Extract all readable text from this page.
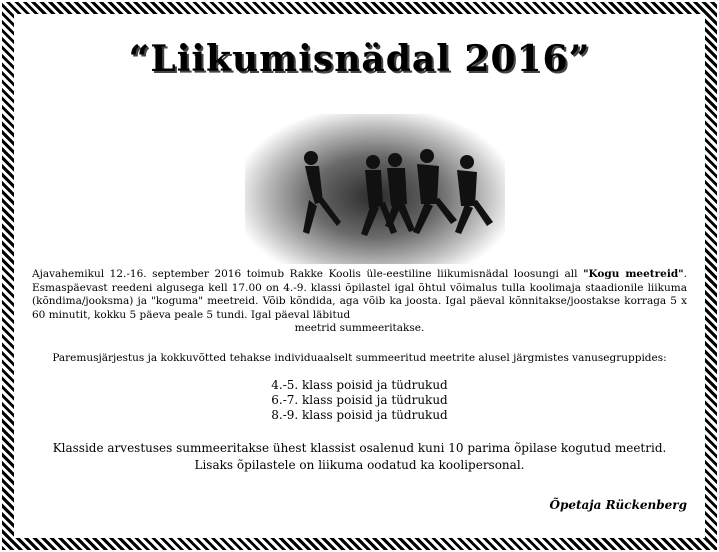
“Liikumisnädal 2016”
Ajavahemikul 12.-16. september 2016 toimub Rakke Koolis üle-eestiline liikumisnädal loosungi all "Kogu meetreid". Esmaspäevast reedeni algusega kell 17.00 on 4.-9. klassi õpilastel igal õhtul võimalus tulla koolimaja staadionile liikuma (kõndima/jooksma) ja "koguma" meetreid. Võib kõndida, aga võib ka joosta. Igal päeval kõnnitakse/joostakse korraga 5 x 60 minutit, kokku 5 päeva peale 5 tundi. Igal päeval läbitud
meetrid summeeritakse.
Paremusjärjestus ja kokkuvõtted tehakse individuaalselt summeeritud meetrite alusel järgmistes vanusegruppides:
4.-5. klass poisid ja tüdrukud
6.-7. klass poisid ja tüdrukud
8.-9. klass poisid ja tüdrukud
Klasside arvestuses summeeritakse ühest klassist osalenud kuni 10 parima õpilase kogutud meetrid. Lisaks õpilastele on liikuma oodatud ka koolipersonal.
Õpetaja Rückenberg
